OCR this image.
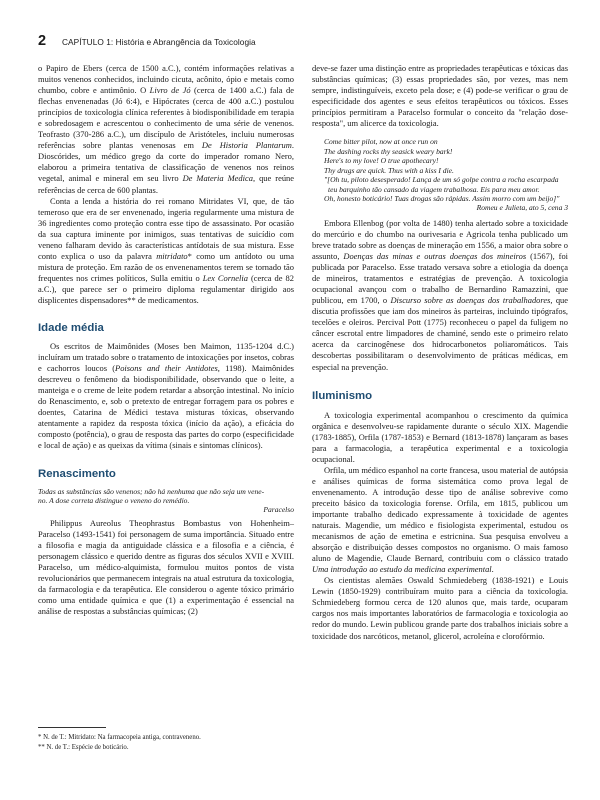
2 CAPÍTULO 1: História e Abrangência da Toxicologia

o Papiro de Ebers (cerca de 1500 a.C.), contém informações relativas a muitos venenos conhecidos, incluindo cicuta, acônito, ópio e metais como chumbo, cobre e antimônio. O Livro de Jó (cerca de 1400 a.C.) fala de flechas envenenadas (Jó 6:4), e Hipócrates (cerca de 400 a.C.) postulou princípios de toxicologia clínica referentes à biodisponibilidade em terapia e sobredosagem e acrescentou o conhecimento de uma série de venenos. Teofrasto (370-286 a.C.), um discípulo de Aristóteles, incluiu numerosas referências sobre plantas venenosas em De Historia Plantarum. Dioscórides, um médico grego da corte do imperador romano Nero, elaborou a primeira tentativa de classificação de venenos nos reinos vegetal, animal e mineral em seu livro De Materia Medica, que reúne referências de cerca de 600 plantas.

Conta a lenda a história do rei romano Mitridates VI, que, de tão temeroso que era de ser envenenado, ingeria regularmente uma mistura de 36 ingredientes como proteção contra esse tipo de assassinato. Por ocasião da sua captura iminente por inimigos, suas tentativas de suicídio com veneno falharam devido às características antídotais de sua mistura. Esse conto explica o uso da palavra mitridato* como um antídoto ou uma mistura de proteção. Em razão de os envenenamentos terem se tornado tão frequentes nos crimes políticos, Sulla emitiu o Lex Cornelia (cerca de 82 a.C.), que parece ser o primeiro diploma regulamentar dirigido aos displicentes dispensadores** de medicamentos.

Idade média

Os escritos de Maimônides (Moses ben Maimon, 1135-1204 d.C.) incluíram um tratado sobre o tratamento de intoxicações por insetos, cobras e cachorros loucos (Poisons and their Antidotes, 1198). Maimônides descreveu o fenômeno da biodisponibilidade, observando que o leite, a manteiga e o creme de leite podem retardar a absorção intestinal. No início do Renascimento, e, sob o pretexto de entregar forragem para os pobres e doentes, Catarina de Médici testava misturas tóxicas, observando atentamente a rapidez da resposta tóxica (início da ação), a eficácia do composto (potência), o grau de resposta das partes do corpo (especificidade e local de ação) e as queixas da vítima (sinais e sintomas clínicos).

Renascimento
Todas as substâncias são venenos; não há nenhuma que não seja um vene-
no. A dose correta distingue o veneno do remédio.
Paracelso

Philippus Aureolus Theophrastus Bombastus von Hohenheim– Paracelso (1493-1541) foi personagem de suma importância. Situado entre a filosofia e magia da antiguidade clássica e a filosofia e a ciência, é personagem clássico e querido dentre as figuras dos séculos XVII e XVIII. Paracelso, um médico-alquimista, formulou muitos pontos de vista revolucionários que permanecem integrais na atual estrutura da toxicologia, da farmacologia e da terapêutica. Ele considerou o agente tóxico primário como uma entidade química e que (1) a experimentação é essencial na análise de respostas a substâncias químicas; (2)

* N. de T.: Mitridato: Na farmacopeia antiga, contraveneno.
** N. de T.: Espécie de boticário.

deve-se fazer uma distinção entre as propriedades terapêuticas e tóxicas das substâncias químicas; (3) essas propriedades são, por vezes, mas nem sempre, indistinguíveis, exceto pela dose; e (4) pode-se verificar o grau de especificidade dos agentes e seus efeitos terapêuticos ou tóxicos. Esses princípios permitiram a Paracelso formular o conceito da "relação dose-resposta", um alicerce da toxicologia.

Come bitter pilot, now at once run on
The dashing rocks thy seasick weary bark!
Here's to my love! O true apothecary!
Thy drugs are quick. Thus with a kiss I die.
"[Oh tu, piloto desesperado! Lança de um só golpe contra a rocha escarpada teu barquinho tão cansado da viagem trabalhosa. Eis para meu amor.
Oh, honesto boticário! Tuas drogas são rápidas. Assim morro com um beijo]"
Romeu e Julieta, ato 5, cena 3

Embora Ellenbog (por volta de 1480) tenha alertado sobre a toxicidade do mercúrio e do chumbo na ourivesaria e Agricola tenha publicado um breve tratado sobre as doenças de mineração em 1556, a maior obra sobre o assunto, Doenças das minas e outras doenças dos mineiros (1567), foi publicada por Paracelso. Esse tratado versava sobre a etiologia da doença de mineiros, tratamentos e estratégias de prevenção. A toxicologia ocupacional avançou com o trabalho de Bernardino Ramazzini, que publicou, em 1700, o Discurso sobre as doenças dos trabalhadores, que discutia profissões que iam dos mineiros às parteiras, incluindo tipógrafos, tecelões e oleiros. Percival Pott (1775) reconheceu o papel da fuligem no câncer escrotal entre limpadores de chaminé, sendo este o primeiro relato acerca da carcinogênese dos hidrocarbonetos poliaromáticos. Tais descobertas possibilitaram o desenvolvimento de práticas médicas, em especial na prevenção.

Iluminismo

A toxicologia experimental acompanhou o crescimento da química orgânica e desenvolveu-se rapidamente durante o século XIX. Magendie (1783-1885), Orfila (1787-1853) e Bernard (1813-1878) lançaram as bases para a farmacologia, a terapêutica experimental e a toxicologia ocupacional.

Orfila, um médico espanhol na corte francesa, usou material de autópsia e análises químicas de forma sistemática como prova legal de envenenamento. A introdução desse tipo de análise sobrevive como preceito básico da toxicologia forense. Orfila, em 1815, publicou um importante trabalho dedicado expressamente à toxicidade de agentes naturais. Magendie, um médico e fisiologista experimental, estudou os mecanismos de ação de emetina e estricnina. Sua pesquisa envolveu a absorção e distribuição desses compostos no organismo. O mais famoso aluno de Magendie, Claude Bernard, contribuiu com o clássico tratado Uma introdução ao estudo da medicina experimental.

Os cientistas alemães Oswald Schmiedeberg (1838-1921) e Louis Lewin (1850-1929) contribuíram muito para a ciência da toxicologia. Schmiedeberg formou cerca de 120 alunos que, mais tarde, ocuparam cargos nos mais importantes laboratórios de farmacologia e toxicologia ao redor do mundo. Lewin publicou grande parte dos trabalhos iniciais sobre a toxicidade dos narcóticos, metanol, glicerol, acroleína e clorofórmio.
